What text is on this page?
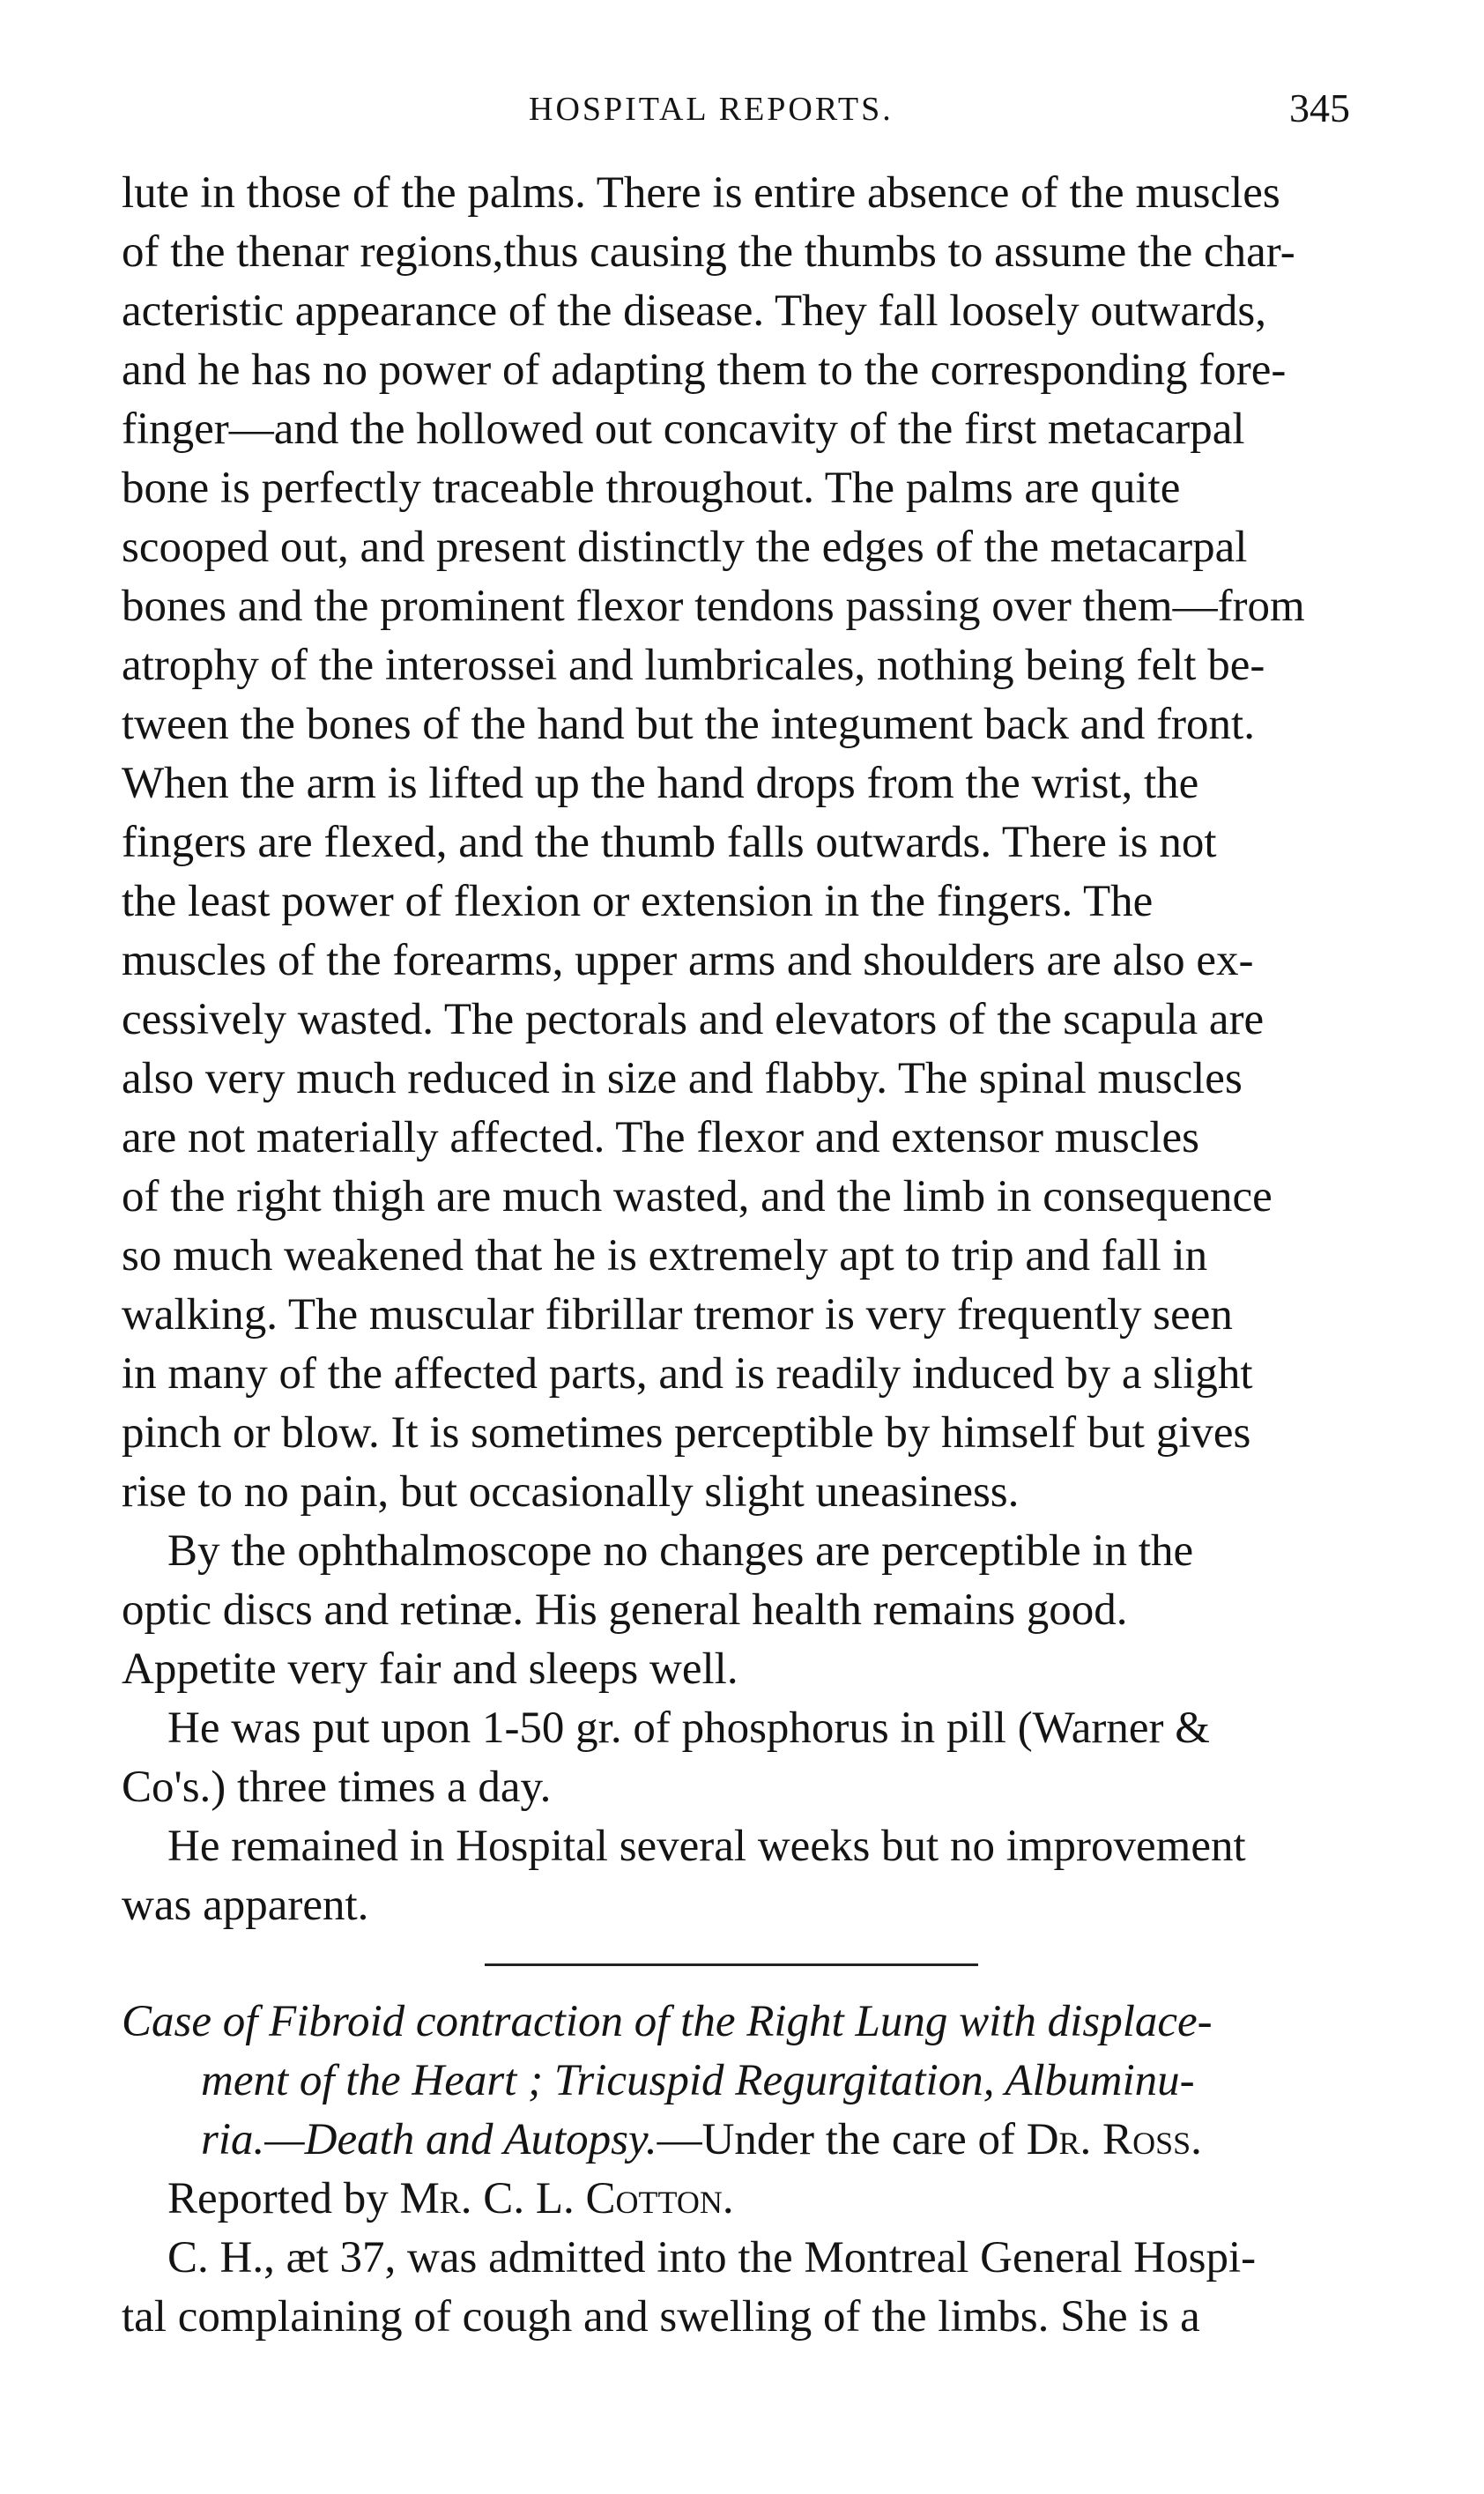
HOSPITAL REPORTS.	345
lute in those of the palms. There is entire absence of the muscles
of the thenar regions,thus causing the thumbs to assume the char-
acteristic appearance of the disease. They fall loosely outwards,
and he has no power of adapting them to the corresponding fore-
finger—and the hollowed out concavity of the first metacarpal
bone is perfectly traceable throughout. The palms are quite
scooped out, and present distinctly the edges of the metacarpal
bones and the prominent flexor tendons passing over them—from
atrophy of the interossei and lumbricales, nothing being felt be-
tween the bones of the hand but the integument back and front.
When the arm is lifted up the hand drops from the wrist, the
fingers are flexed, and the thumb falls outwards. There is not
the least power of flexion or extension in the fingers. The
muscles of the forearms, upper arms and shoulders are also ex-
cessively wasted. The pectorals and elevators of the scapula are
also very much reduced in size and flabby. The spinal muscles
are not materially affected. The flexor and extensor muscles
of the right thigh are much wasted, and the limb in consequence
so much weakened that he is extremely apt to trip and fall in
walking. The muscular fibrillar tremor is very frequently seen
in many of the affected parts, and is readily induced by a slight
pinch or blow. It is sometimes perceptible by himself but gives
rise to no pain, but occasionally slight uneasiness.
By the ophthalmoscope no changes are perceptible in the
optic discs and retinæ. His general health remains good.
Appetite very fair and sleeps well.
He was put upon 1-50 gr. of phosphorus in pill (Warner &
Co's.) three times a day.
He remained in Hospital several weeks but no improvement
was apparent.
Case of Fibroid contraction of the Right Lung with displace-
ment of the Heart ; Tricuspid Regurgitation, Albuminu-
ria.—Death and Autopsy.—Under the care of Dr. Ross.
Reported by Mr. C. L. Cotton.
C. H., æt 37, was admitted into the Montreal General Hospi-
tal complaining of cough and swelling of the limbs. She is a
